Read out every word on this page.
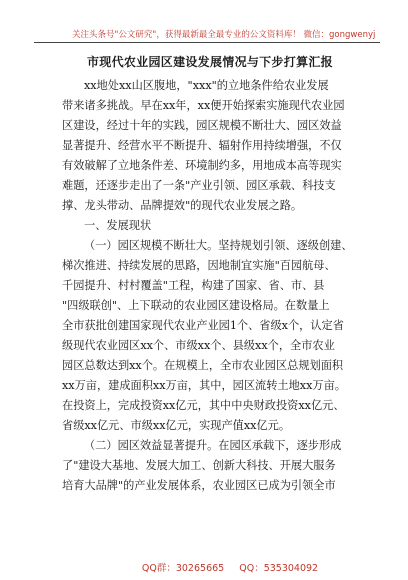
关注头条号"公文研究"，获得最新最全最专业的公文资料库！ 微信：gongwenyj
市现代农业园区建设发展情况与下步打算汇报
xx地处xx山区腹地，"xxx"的立地条件给农业发展
带来诸多挑战。早在xx年，xx便开始探索实施现代农业园
区建设，经过十年的实践，园区规模不断壮大、园区效益
显著提升、经营水平不断提升、辐射作用持续增强，不仅
有效破解了立地条件差、环境制约多，用地成本高等现实
难题，还逐步走出了一条"产业引领、园区承载、科技支
撑、龙头带动、品牌提效"的现代农业发展之路。
一、发展现状
（一）园区规模不断壮大。坚持规划引领、逐级创建、
梯次推进、持续发展的思路，因地制宜实施"百园航母、
千园提升、村村覆盖"工程，构建了国家、省、市、县
"四级联创"、上下联动的农业园区建设格局。在数量上
全市获批创建国家现代农业产业园1个、省级x个，认定省
级现代农业园区xx个、市级xx个、县级xx个，全市农业
园区总数达到xx个。在规模上，全市农业园区总规划面积
xx万亩，建成面积xx万亩，其中，园区流转土地xx万亩。
在投资上，完成投资xx亿元，其中中央财政投资xx亿元、
省级xx亿元、市级xx亿元，实现产值xx亿元。
（二）园区效益显著提升。在园区承载下，逐步形成
了"建设大基地、发展大加工、创新大科技、开展大服务
培育大品牌"的产业发展体系，农业园区已成为引领全市
QQ群：30265665 QQ：535304092
